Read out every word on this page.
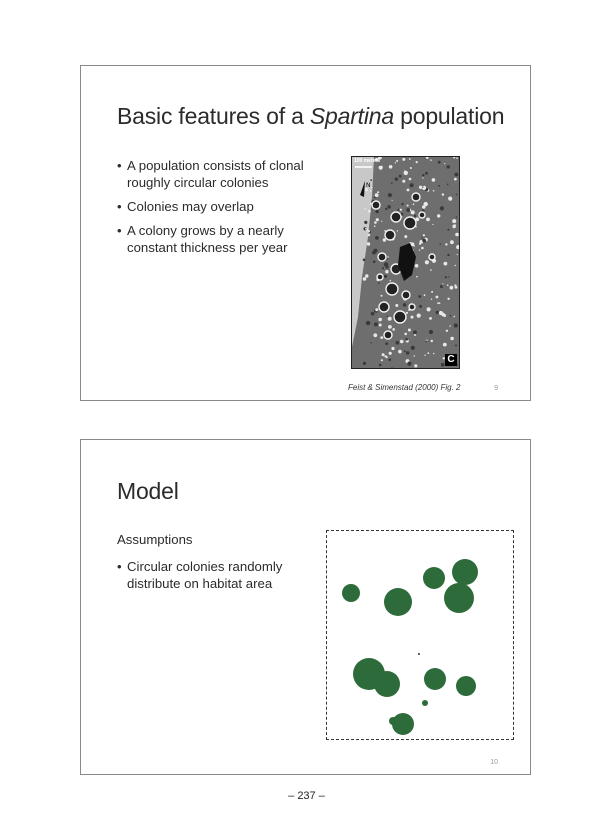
Basic features of a Spartina population
• A population consists of clonal roughly circular colonies
• Colonies may overlap
• A colony grows by a nearly constant thickness per year
N
100 meters
C
Feist & Simenstad (2000) Fig. 2	9
Model
Assumptions
• Circular colonies randomly distribute on habitat area
10
– 237 –
